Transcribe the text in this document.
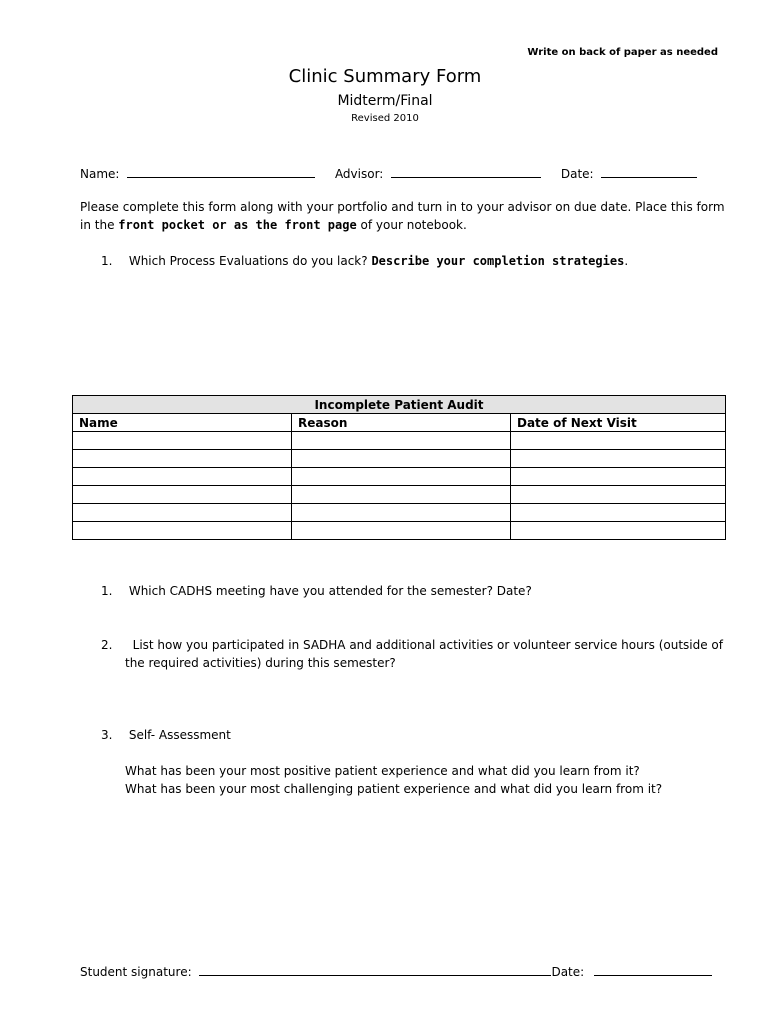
Write on back of paper as needed
Clinic Summary Form
Midterm/Final
Revised 2010
Name:	Advisor:	Date:
Please complete this form along with your portfolio and turn in to your advisor on due date. Place this form
in the front pocket or as the front page of your notebook.
1. Which Process Evaluations do you lack? Describe your completion strategies.
Incomplete Patient Audit		
Name	Reason	Date of Next Visit

1. Which CADHS meeting have you attended for the semester? Date?
2.  List how you participated in SADHA and additional activities or volunteer service hours (outside of
the required activities) during this semester?
3. Self- Assessment
What has been your most positive patient experience and what did you learn from it?
What has been your most challenging patient experience and what did you learn from it?
Student signature:	Date:
